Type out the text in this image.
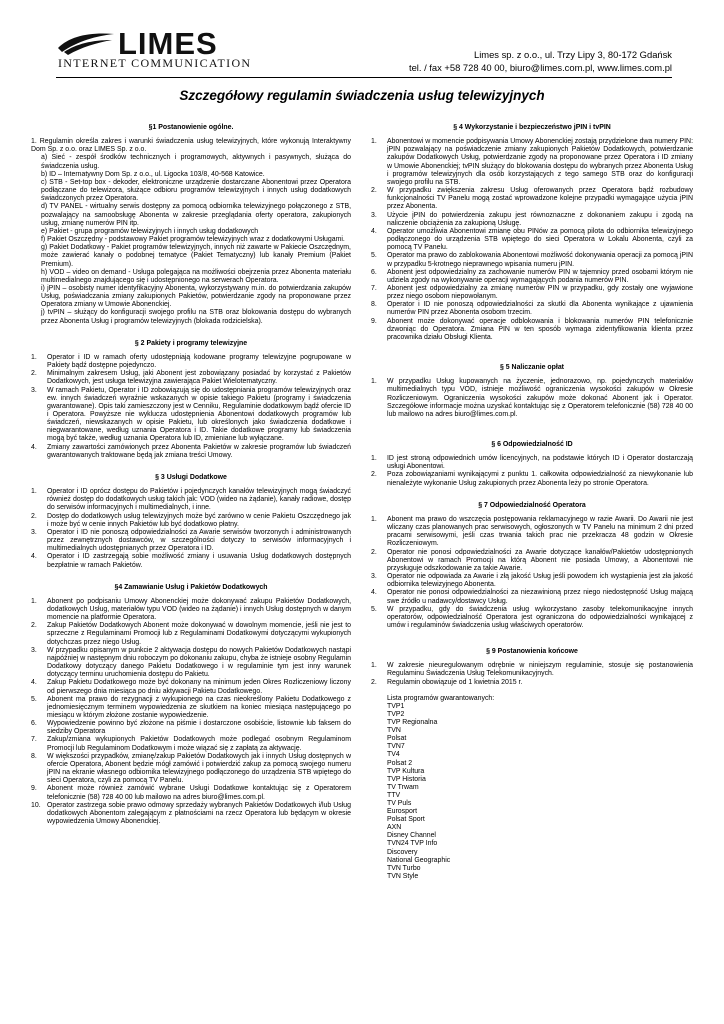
LIMES
INTERNET COMMUNICATION
Limes sp. z o.o., ul. Trzy Lipy 3, 80-172 Gdańsk
tel. / fax +58 728 40 00, biuro@limes.com.pl, www.limes.com.pl
Szczegółowy regulamin świadczenia usług telewizyjnych
§1 Postanowienie ogólne.

1. Regulamin określa zakres i warunki świadczenia usług telewizyjnych, które wykonują Interaktywny Dom Sp. z o.o. oraz LIMES Sp. z o.o.

a) Sieć - zespół środków technicznych i programowych, aktywnych i pasywnych, służąca do świadczenia usług.

b) ID – Internatywny Dom Sp. z o.o., ul. Ligocka 103/8, 40-568 Katowice.

c) STB - Set-top box - dekoder, elektroniczne urządzenie dostarczane Abonentowi przez Operatora podłączane do telewizora, służące odbioru programów telewizyjnych i innych usług dodatkowych świadczonych przez Operatora.

d) TV PANEL - wirtualny serwis dostępny za pomocą odbiornika telewizyjnego połączonego z STB, pozwalający na samoobsługę Abonenta w zakresie przeglądania oferty operatora, zakupionych usług, zmianę numerów PIN itp.

e) Pakiet - grupa programów telewizyjnych i innych usług dodatkowych

f) Pakiet Oszczędny - podstawowy Pakiet programów telewizyjnych wraz z dodatkowymi Usługami.

g) Pakiet Dodatkowy - Pakiet programów telewizyjnych, innych niż zawarte w Pakiecie Oszczędnym, może zawierać kanały o podobnej tematyce (Pakiet Tematyczny) lub kanały Premium (Pakiet Premium).

h) VOD – video on demand - Usługa polegająca na możliwości obejrzenia przez Abonenta materiału multimedialnego znajdującego się i udostępnionego na serwerach Operatora.

i) jPIN – osobisty numer identyfikacyjny Abonenta, wykorzystywany m.in. do potwierdzania zakupów Usług, poświadczania zmiany zakupionych Pakietów, potwierdzanie zgody na proponowane przez Operatora zmiany w Umowie Abonenckiej.

j) tvPIN – służący do konfiguracji swojego profilu na STB oraz blokowania dostępu do wybranych przez Abonenta Usług i programów telewizyjnych (blokada rodzicielska).

§ 2 Pakiety i programy telewizyjne
1. Operator i ID w ramach oferty udostępniają kodowane programy telewizyjne pogrupowane w Pakiety bądź dostępne pojedynczo.
2. Minimalnym zakresem Usług, jaki Abonent jest zobowiązany posiadać by korzystać z Pakietów Dodatkowych, jest usługa telewizyjna zawierająca Pakiet Wielotematyczny.
3. W ramach Pakietu, Operator i ID zobowiązują się do udostępniania programów telewizyjnych oraz ew. innych świadczeń wyraźnie wskazanych w opisie takiego Pakietu (programy i świadczenia gwarantowane). Opis taki zamieszczony jest w Cenniku, Regulaminie dodatkowym bądź ofercie ID i Operatora. Powyższe nie wyklucza udostępnienia Abonentowi dodatkowych programów lub świadczeń, niewskazanych w opisie Pakietu, lub określonych jako świadczenia dodatkowe i niegwarantowane, według uznania Operatora i ID. Takie dodatkowe programy lub świadczenia mogą być także, według uznania Operatora lub ID, zmieniane lub wyłączane.
4. Zmiany zawartości zamówionych przez Abonenta Pakietów w zakresie programów lub świadczeń gwarantowanych traktowane będą jak zmiana treści Umowy.
§ 3 Usługi Dodatkowe
1. Operator i ID oprócz dostępu do Pakietów i pojedynczych kanałów telewizyjnych mogą świadczyć również dostęp do dodatkowych usług takich jak: VOD (wideo na żądanie), kanały radiowe, dostęp do serwisów informacyjnych i multimedialnych, i inne.
2. Dostęp do dodatkowych usług telewizyjnych może być zarówno w cenie Pakietu Oszczędnego jak i może być w cenie innych Pakietów lub być dodatkowo płatny.
3. Operator i ID nie ponoszą odpowiedzialności za Awarie serwisów tworzonych i administrowanych przez zewnętrznych dostawców, w szczególności dotyczy to serwisów informacyjnych i multimedialnych udostępnianych przez Operatora i ID.
4. Operator i ID zastrzegają sobie możliwość zmiany i usuwania Usług dodatkowych dostępnych bezpłatnie w ramach Pakietów.
§4 Zamawianie Usług i Pakietów Dodatkowych
1. Abonent po podpisaniu Umowy Abonenckiej może dokonywać zakupu Pakietów Dodatkowych, dodatkowych Usług, materiałów typu VOD (wideo na żądanie) i innych Usług dostępnych w danym momencie na platformie Operatora.
2. Zakup Pakietów Dodatkowych Abonent może dokonywać w dowolnym momencie, jeśli nie jest to sprzeczne z Regulaminami Promocji lub z Regulaminami Dodatkowymi dotyczącymi wykupionych dotychczas przez niego Usług.
3. W przypadku opisanym w punkcie 2 aktywacja dostępu do nowych Pakietów Dodatkowych nastąpi najpóźniej w następnym dniu roboczym po dokonaniu zakupu, chyba że istnieje osobny Regulamin Dodatkowy dotyczący danego Pakietu Dodatkowego i w regulaminie tym jest inny warunek dotyczący terminu uruchomienia dostępu do Pakietu.
4. Zakup Pakietu Dodatkowego może być dokonany na minimum jeden Okres Rozliczeniowy liczony od pierwszego dnia miesiąca po dniu aktywacji Pakietu Dodatkowego.
5. Abonent ma prawo do rezygnacji z wykupionego na czas nieokreślony Pakietu Dodatkowego z jednomiesięcznym terminem wypowiedzenia ze skutkiem na koniec miesiąca następującego po miesiącu w którym złożone zostanie wypowiedzenie.
6. Wypowiedzenie powinno być złożone na piśmie i dostarczone osobiście, listownie lub faksem do siedziby Operatora
7. Zakup/zmiana wykupionych Pakietów Dodatkowych może podlegać osobnym Regulaminom Promocji lub Regulaminom Dodatkowym i może wiązać się z zapłatą za aktywację.
8. W większości przypadków, zmianę/zakup Pakietów Dodatkowych jak i innych Usług dostępnych w ofercie Operatora, Abonent będzie mógł zamówić i potwierdzić zakup za pomocą swojego numeru jPIN na ekranie własnego odbiornika telewizyjnego podłączonego do urządzenia STB wpiętego do sieci Operatora, czyli za pomocą TV Panelu.
9. Abonent może również zamówić wybrane Usługi Dodatkowe kontaktując się z Operatorem telefonicznie (58) 728 40 00 lub mailowo na adres biuro@limes.com.pl.
10. Operator zastrzega sobie prawo odmowy sprzedaży wybranych Pakietów Dodatkowych i/lub Usług dodatkowych Abonentom zalegającym z płatnościami na rzecz Operatora lub będącym w okresie wypowiedzenia Umowy Abonenckiej.
§ 4 Wykorzystanie i bezpieczeństwo jPIN i tvPIN
1. Abonentowi w momencie podpisywania Umowy Abonenckiej zostają przydzielone dwa numery PIN: jPIN pozwalający na poświadczenie zmiany zakupionych Pakietów Dodatkowych, potwierdzanie zakupów Dodatkowych Usług, potwierdzanie zgody na proponowane przez Operatora i ID zmiany w Umowie Abonenckiej; tvPIN służący do blokowania dostępu do wybranych przez Abonenta Usług i programów telewizyjnych dla osób korzystających z tego samego STB oraz do konfiguracji swojego profilu na STB.
2. W przypadku zwiększenia zakresu Usług oferowanych przez Operatora bądź rozbudowy funkcjonalności TV Panelu mogą zostać wprowadzone kolejne przypadki wymagające użycia jPIN przez Abonenta.
3. Użycie jPIN do potwierdzenia zakupu jest równoznaczne z dokonaniem zakupu i zgodą na naliczenie obciążenia za zakupioną Usługę.
4. Operator umożliwia Abonentowi zmianę obu PINów za pomocą pilota do odbiornika telewizyjnego podłączonego do urządzenia STB wpiętego do sieci Operatora w Lokalu Abonenta, czyli za pomocą TV Panelu.
5. Operator ma prawo do zablokowania Abonentowi możliwość dokonywania operacji za pomocą jPIN w przypadku 5-krotnego nieprawnego wpisania numeru jPIN.
6. Abonent jest odpowiedzialny za zachowanie numerów PIN w tajemnicy przed osobami którym nie udziela zgody na wykonywanie operacji wymagających podania numerów PIN.
7. Abonent jest odpowiedzialny za zmianę numerów PIN w przypadku, gdy zostały one wyjawione przez niego osobom niepowołanym.
8. Operator i ID nie ponoszą odpowiedzialności za skutki dla Abonenta wynikające z ujawnienia numerów PIN przez Abonenta osobom trzecim.
9. Abonent może dokonywać operacje odblokowania i blokowania numerów PIN telefonicznie dzwoniąc do Operatora. Zmiana PIN w ten sposób wymaga zidentyfikowania klienta przez pracownika działu Obsługi Klienta.
§ 5 Naliczanie opłat
1. W przypadku Usług kupowanych na życzenie, jednorazowo, np. pojedynczych materiałów multimedialnych typu VOD, istnieje możliwość ograniczenia wysokości zakupów w Okresie Rozliczeniowym. Ograniczenia wysokości zakupów może dokonać Abonent jak i Operator. Szczegółowe informacje można uzyskać kontaktując się z Operatorem telefonicznie (58) 728 40 00 lub mailowo na adres biuro@limes.com.pl.
§ 6 Odpowiedzialność ID
1. ID jest stroną odpowiednich umów licencyjnych, na podstawie których ID i Operator dostarczają usługi Abonentowi.
2. Poza zobowiązaniami wynikającymi z punktu 1. całkowita odpowiedzialność za niewykonanie lub nienależyte wykonanie Usług zakupionych przez Abonenta leży po stronie Operatora.
§ 7 Odpowiedzialność Operatora
1. Abonent ma prawo do wszczęcia postępowania reklamacyjnego w razie Awarii. Do Awarii nie jest wliczany czas planowanych prac serwisowych, ogłoszonych w TV Panelu na minimum 2 dni przed pracami serwisowymi, jeśli czas trwania takich prac nie przekracza 48 godzin w Okresie Rozliczeniowym.
2. Operator nie ponosi odpowiedzialności za Awarie dotyczące kanałów/Pakietów udostępnionych Abonentowi w ramach Promocji na którą Abonent nie posiada Umowy, a Abonentowi nie przysługuje odszkodowanie za takie Awarie.
3. Operator nie odpowiada za Awarie i złą jakość Usług jeśli powodem ich wystąpienia jest zła jakość odbiornika telewizyjnego Abonenta.
4. Operator nie ponosi odpowiedzialności za niezawinioną przez niego niedostępność Usług mającą swe źródło u nadawcy/dostawcy Usług.
5. W przypadku, gdy do świadczenia usług wykorzystano zasoby telekomunikacyjne innych operatorów, odpowiedzialność Operatora jest ograniczona do odpowiedzialności wynikającej z umów i regulaminów świadczenia usług właściwych operatorów.
§ 9 Postanowienia końcowe
1. W zakresie nieuregulowanym odrębnie w niniejszym regulaminie, stosuje się postanowienia Regulaminu Świadczenia Usług Telekomunikacyjnych.
2. Regulamin obowiązuje od 1 kwietnia 2015 r.
Lista programów gwarantowanych:
TVP1
TVP2
TVP Regionalna
TVN
Polsat
TVN7
TV4
Polsat 2
TVP Kultura
TVP Historia
TV Trwam
TTV
TV Puls
Eurosport
Polsat Sport
AXN
Disney Channel
TVN24 TVP Info
Discovery
National Geographic
TVN Turbo
TVN Style
